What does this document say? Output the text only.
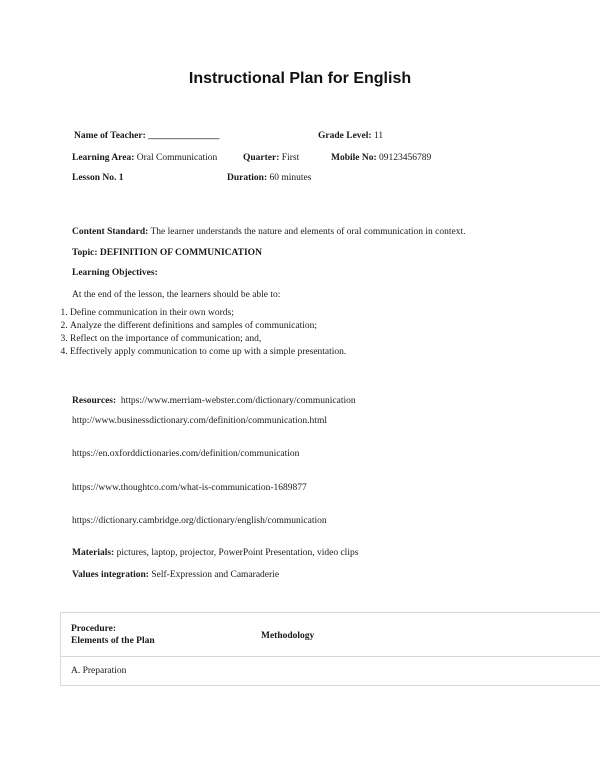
Instructional Plan for English
Name of Teacher: _______________	Grade Level: 11
Learning Area: Oral Communication	Quarter: First	Mobile No: 09123456789
Lesson No. 1	Duration: 60 minutes
Content Standard: The learner understands the nature and elements of oral communication in context.
Topic: DEFINITION OF COMMUNICATION
Learning Objectives:
At the end of the lesson, the learners should be able to:
1. Define communication in their own words;
2. Analyze the different definitions and samples of communication;
3. Reflect on the importance of communication; and,
4. Effectively apply communication to come up with a simple presentation.
Resources: https://www.merriam-webster.com/dictionary/communication
http://www.businessdictionary.com/definition/communication.html
https://en.oxforddictionaries.com/definition/communication
https://www.thoughtco.com/what-is-communication-1689877
https://dictionary.cambridge.org/dictionary/english/communication
Materials: pictures, laptop, projector, PowerPoint Presentation, video clips
Values integration: Self-Expression and Camaraderie
Procedure:
Elements of the Plan	Methodology
A. Preparation
